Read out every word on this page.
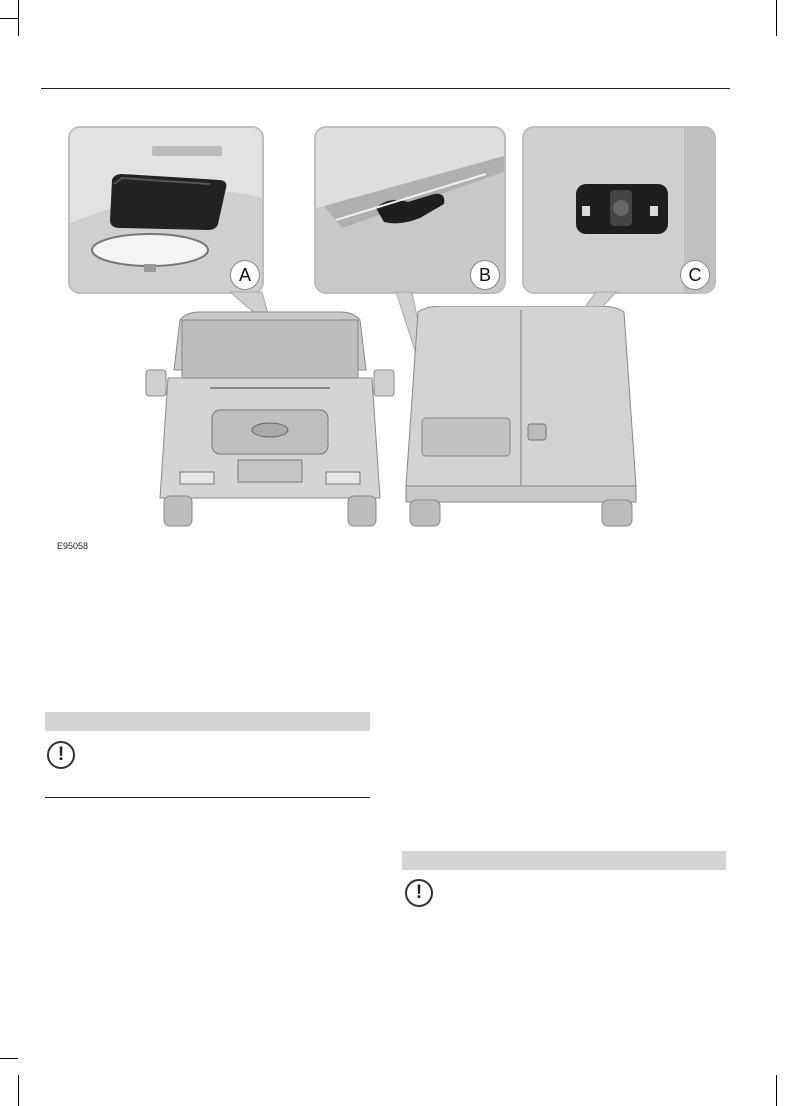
A	B	C
E95058
!
!
